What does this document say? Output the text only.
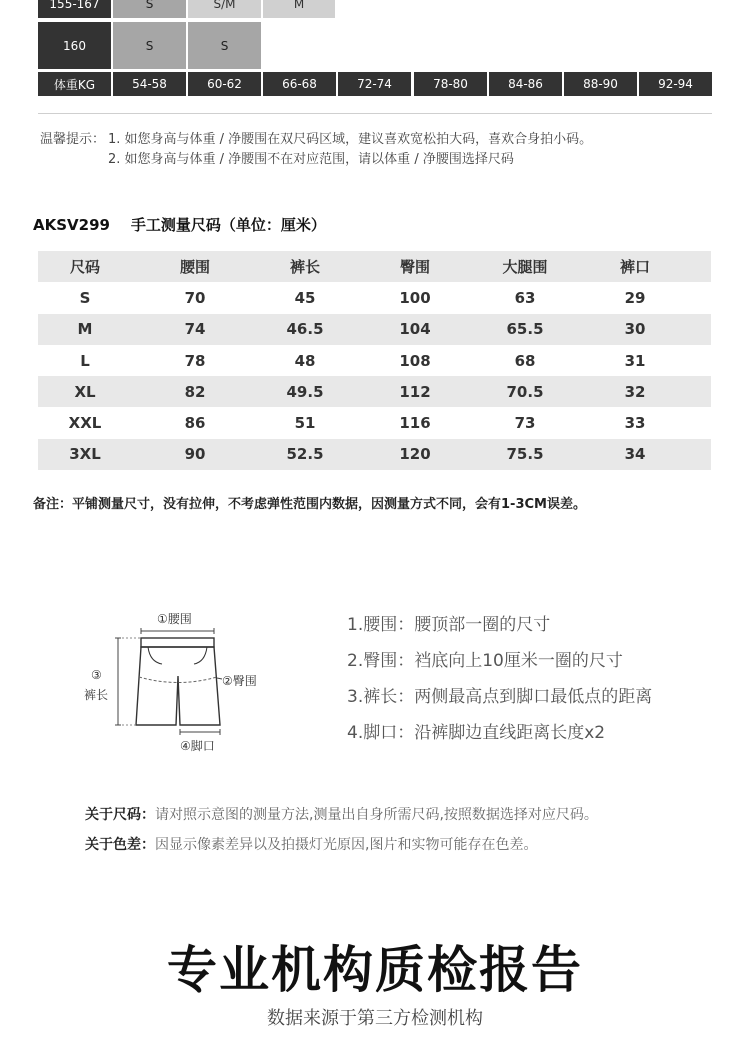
155-167	S	S/M	M
160	S	S
体重KG	54-58	60-62	66-68	72-74	78-80	84-86	88-90	92-94
温馨提示： 1. 如您身高与体重 / 净腰围在双尺码区域，建议喜欢宽松拍大码，喜欢合身拍小码。
2. 如您身高与体重 / 净腰围不在对应范围，请以体重 / 净腰围选择尺码
AKSV299    手工测量尺码（单位：厘米）
尺码	腰围	裤长	臀围	大腿围	裤口
S	70	45	100	63	29
M	74	46.5	104	65.5	30
L	78	48	108	68	31
XL	82	49.5	112	70.5	32
XXL	86	51	116	73	33
3XL	90	52.5	120	75.5	34
备注：平铺测量尺寸，没有拉伸，不考虑弹性范围内数据，因测量方式不同，会有1-3CM误差。
①腰围
②臀围
③
裤长
④脚口
1.腰围：腰顶部一圈的尺寸
2.臀围：裆底向上10厘米一圈的尺寸
3.裤长：两侧最高点到脚口最低点的距离
4.脚口：沿裤脚边直线距离长度x2
关于尺码：请对照示意图的测量方法,测量出自身所需尺码,按照数据选择对应尺码。
关于色差：因显示像素差异以及拍摄灯光原因,图片和实物可能存在色差。
专业机构质检报告
数据来源于第三方检测机构
